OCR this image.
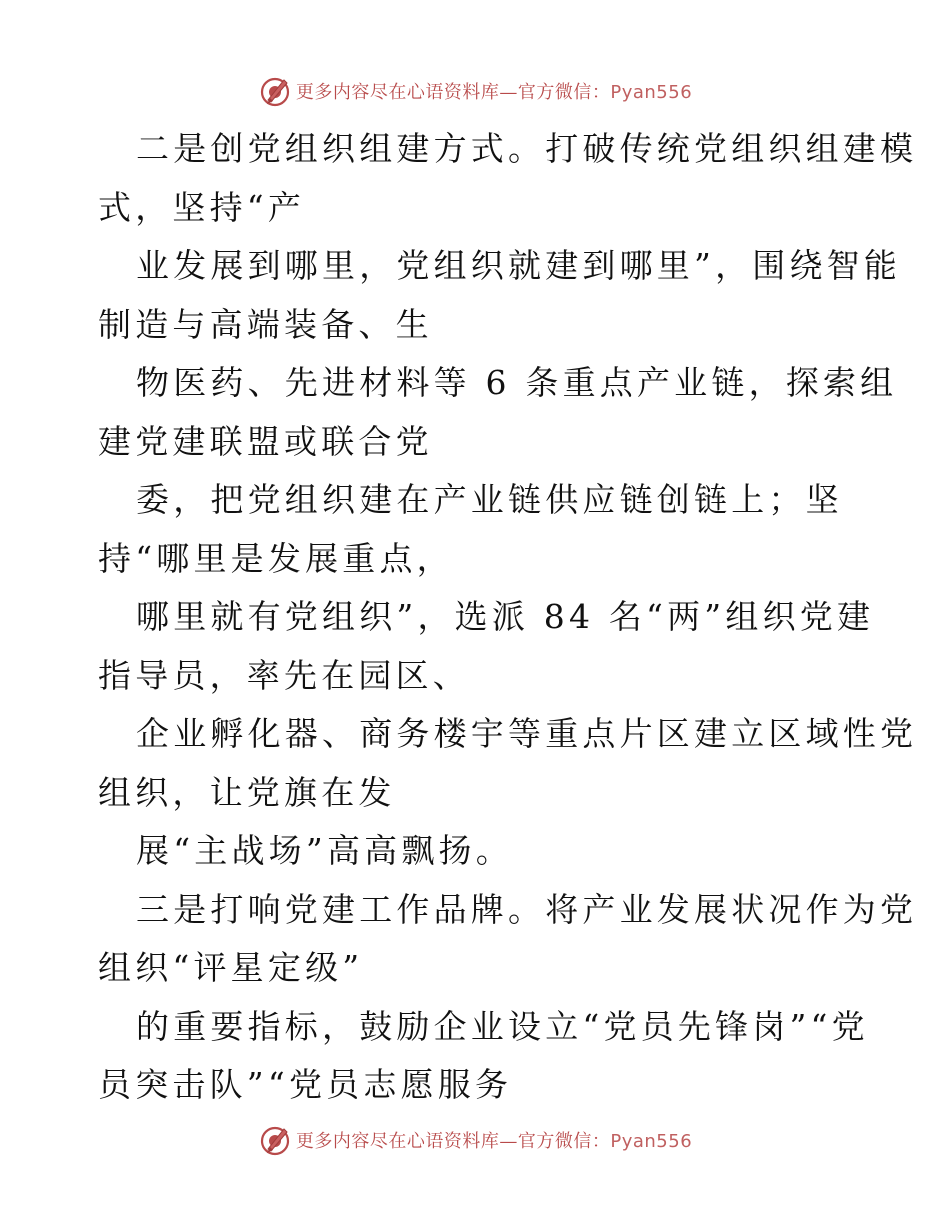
更多内容尽在心语资料库—官方微信：Pyan556
二是创党组织组建方式。打破传统党组织组建模
式，坚持“产
业发展到哪里，党组织就建到哪里”，围绕智能
制造与高端装备、生
物医药、先进材料等 6 条重点产业链，探索组
建党建联盟或联合党
委，把党组织建在产业链供应链创链上；坚
持“哪里是发展重点，
哪里就有党组织”，选派 84 名“两”组织党建
指导员，率先在园区、
企业孵化器、商务楼宇等重点片区建立区域性党
组织，让党旗在发
展“主战场”高高飘扬。
三是打响党建工作品牌。将产业发展状况作为党
组织“评星定级”
的重要指标，鼓励企业设立“党员先锋岗”“党
员突击队”“党员志愿服务
更多内容尽在心语资料库—官方微信：Pyan556
